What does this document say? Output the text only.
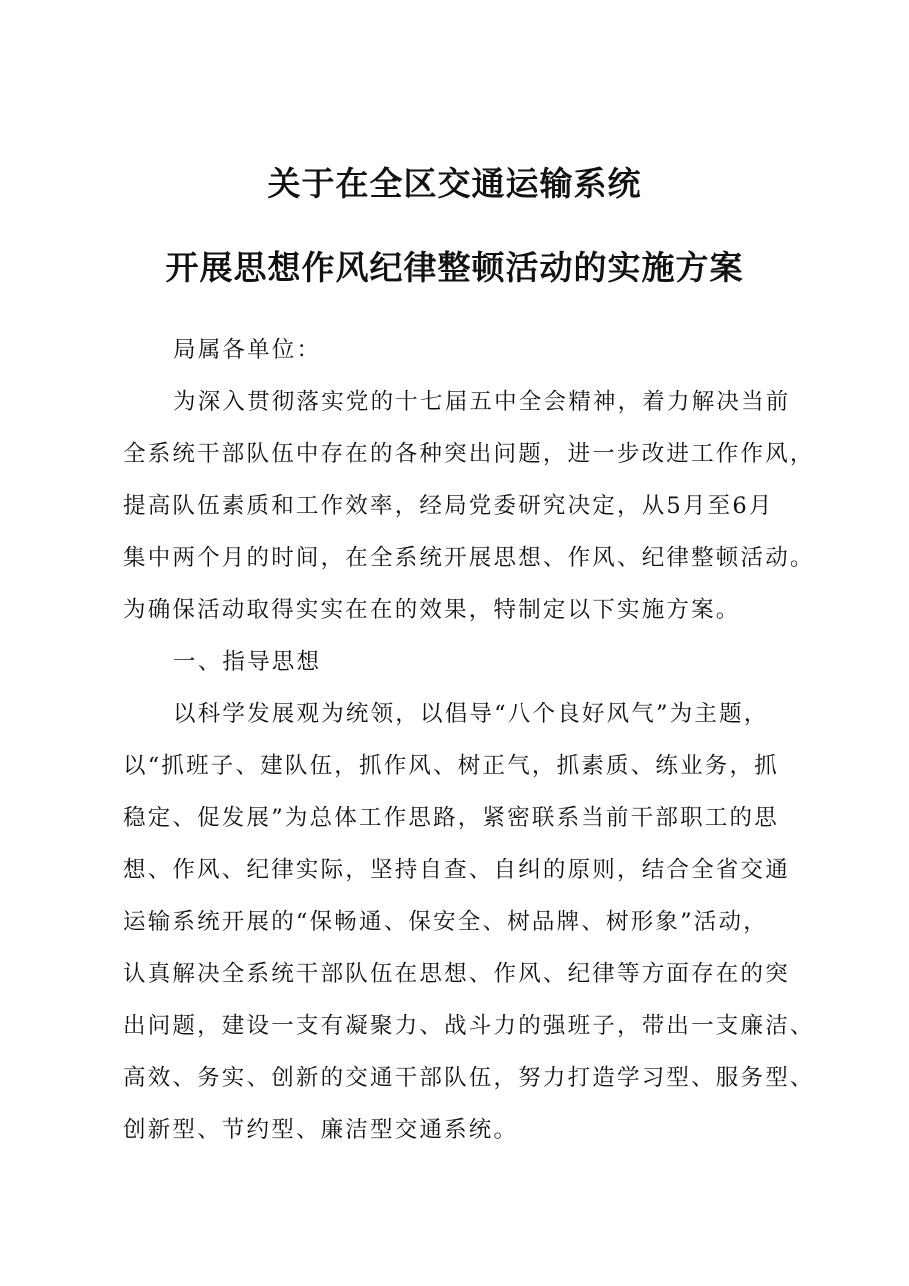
关于在全区交通运输系统
开展思想作风纪律整顿活动的实施方案
局属各单位：
为深入贯彻落实党的十七届五中全会精神，着力解决当前
全系统干部队伍中存在的各种突出问题，进一步改进工作作风，
提高队伍素质和工作效率，经局党委研究决定，从5月至6月
集中两个月的时间，在全系统开展思想、作风、纪律整顿活动。
为确保活动取得实实在在的效果，特制定以下实施方案。
一、指导思想
以科学发展观为统领，以倡导“八个良好风气”为主题，
以“抓班子、建队伍，抓作风、树正气，抓素质、练业务，抓
稳定、促发展”为总体工作思路，紧密联系当前干部职工的思
想、作风、纪律实际，坚持自查、自纠的原则，结合全省交通
运输系统开展的“保畅通、保安全、树品牌、树形象”活动，
认真解决全系统干部队伍在思想、作风、纪律等方面存在的突
出问题，建设一支有凝聚力、战斗力的强班子，带出一支廉洁、
高效、务实、创新的交通干部队伍，努力打造学习型、服务型、
创新型、节约型、廉洁型交通系统。
